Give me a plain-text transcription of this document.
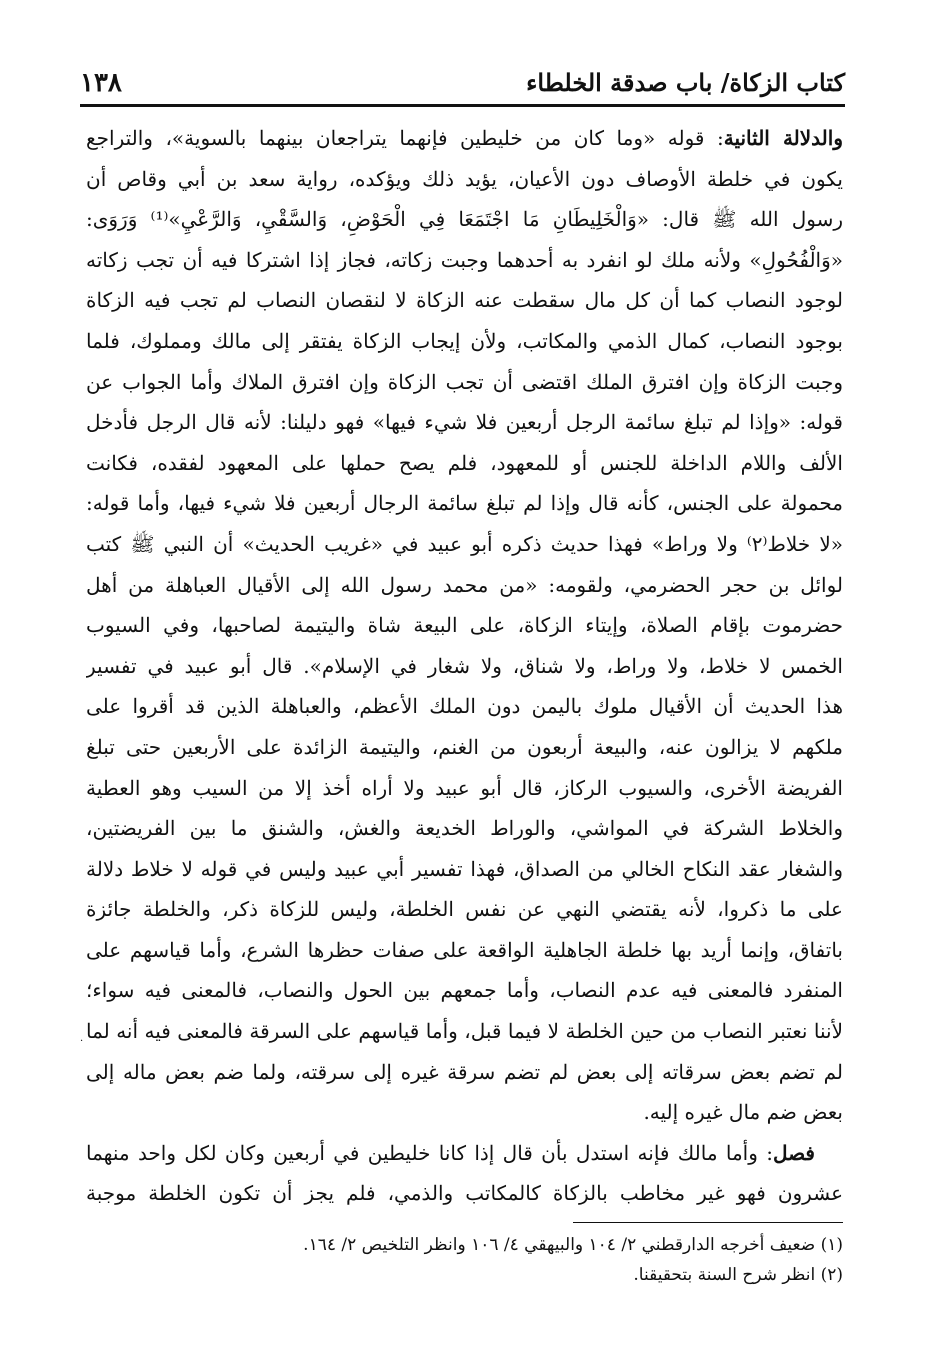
كتاب الزكاة/ باب صدقة الخلطاء
١٣٨
والدلالة الثانية: قوله «وما كان من خليطين فإنهما يتراجعان بينهما بالسوية»، والتراجع
يكون في خلطة الأوصاف دون الأعيان، يؤيد ذلك ويؤكده، رواية سعد بن أبي وقاص أن
رسول الله ﷺ قال: «وَالْخَلِيطَانِ مَا اجْتَمَعَا فِي الْحَوْضِ، وَالسَّقْيِ، وَالرَّعْيِ»⁽¹⁾ وَرَوَى:
«وَالْفُحُولِ» ولأنه ملك لو انفرد به أحدهما وجبت زكاته، فجاز إذا اشتركا فيه أن تجب زكاته
لوجود النصاب كما أن كل مال سقطت عنه الزكاة لا لنقصان النصاب لم تجب فيه الزكاة
بوجود النصاب، كمال الذمي والمكاتب، ولأن إيجاب الزكاة يفتقر إلى مالك ومملوك، فلما
وجبت الزكاة وإن افترق الملك اقتضى أن تجب الزكاة وإن افترق الملاك وأما الجواب عن
قوله: «وإذا لم تبلغ سائمة الرجل أربعين فلا شيء فيها» فهو دليلنا: لأنه قال الرجل فأدخل
الألف واللام الداخلة للجنس أو للمعهود، فلم يصح حملها على المعهود لفقده، فكانت
محمولة على الجنس، كأنه قال وإذا لم تبلغ سائمة الرجال أربعين فلا شيء فيها، وأما قوله:
«لا خلاط⁽٢⁾ ولا وراط» فهذا حديث ذكره أبو عبيد في «غريب الحديث» أن النبي ﷺ كتب
لوائل بن حجر الحضرمي، ولقومه: «من محمد رسول الله إلى الأقيال العباهلة من أهل
حضرموت بإقام الصلاة، وإيتاء الزكاة، على البيعة شاة واليتيمة لصاحبها، وفي السيوب
الخمس لا خلاط، ولا وراط، ولا شناق، ولا شغار في الإسلام». قال أبو عبيد في تفسير
هذا الحديث أن الأقيال ملوك باليمن دون الملك الأعظم، والعباهلة الذين قد أقروا على
ملكهم لا يزالون عنه، والبيعة أربعون من الغنم، واليتيمة الزائدة على الأربعين حتى تبلغ
الفريضة الأخرى، والسيوب الركاز، قال أبو عبيد ولا أراه أخذ إلا من السيب وهو العطية
والخلاط الشركة في المواشي، والوراط الخديعة والغش، والشنق ما بين الفريضتين،
والشغار عقد النكاح الخالي من الصداق، فهذا تفسير أبي عبيد وليس في قوله لا خلاط دلالة
على ما ذكروا، لأنه يقتضي النهي عن نفس الخلطة، وليس للزكاة ذكر، والخلطة جائزة
باتفاق، وإنما أريد بها خلطة الجاهلية الواقعة على صفات حظرها الشرع، وأما قياسهم على
المنفرد فالمعنى فيه عدم النصاب، وأما جمعهم بين الحول والنصاب، فالمعنى فيه سواء؛
لأننا نعتبر النصاب من حين الخلطة لا فيما قبل، وأما قياسهم على السرقة فالمعنى فيه أنه لما
لم تضم بعض سرقاته إلى بعض لم تضم سرقة غيره إلى سرقته، ولما ضم بعض ماله إلى
بعض ضم مال غيره إليه.
فصل: وأما مالك فإنه استدل بأن قال إذا كانا خليطين في أربعين وكان لكل واحد منهما
عشرون فهو غير مخاطب بالزكاة كالمكاتب والذمي، فلم يجز أن تكون الخلطة موجبة
·
(١) ضعيف أخرجه الدارقطني ٢/ ١٠٤ والبيهقي ٤/ ١٠٦ وانظر التلخيص ٢/ ١٦٤.
(٢) انظر شرح السنة بتحقيقنا.
